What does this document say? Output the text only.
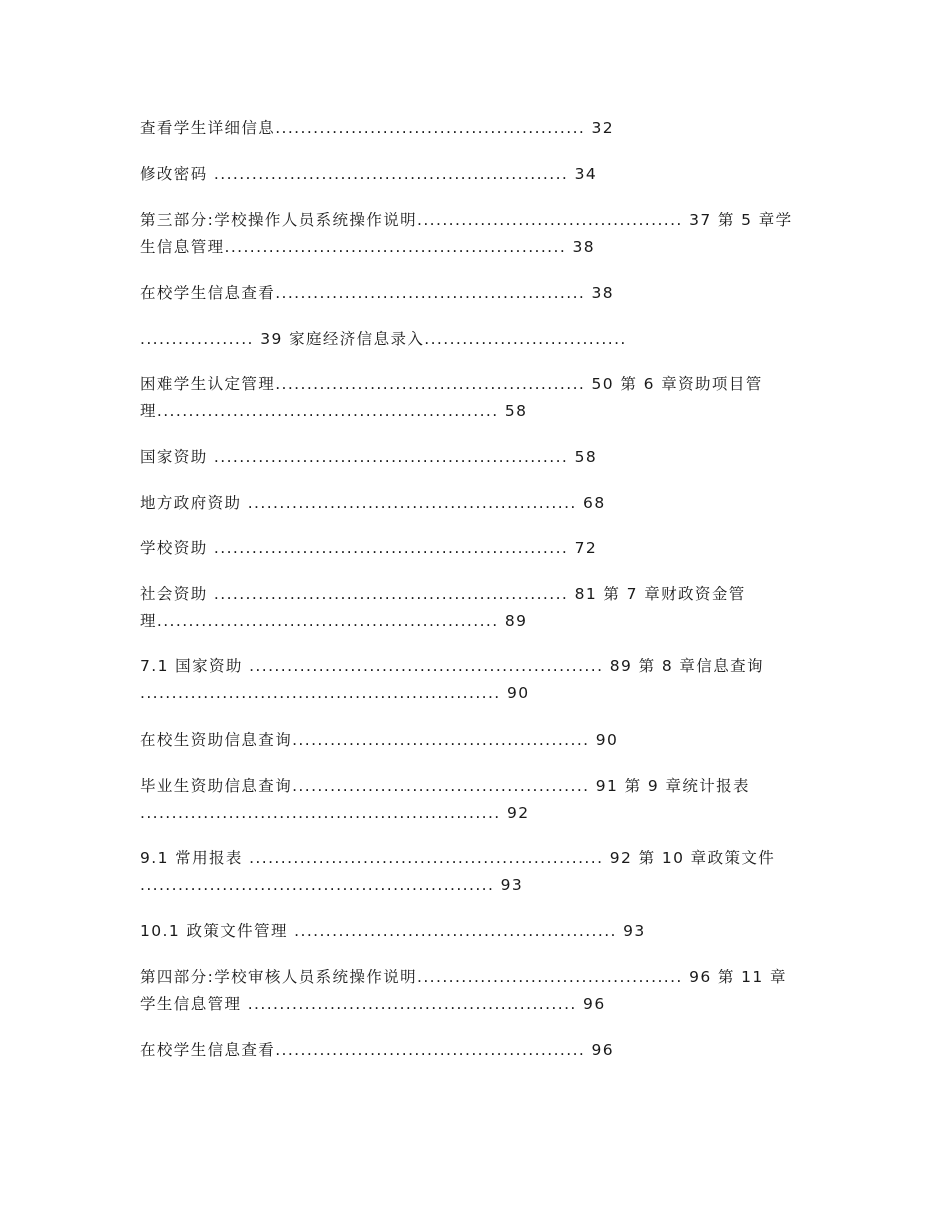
查看学生详细信息................................................. 32
修改密码 ........................................................ 34
第三部分:学校操作人员系统操作说明.......................................... 37 第 5 章学
生信息管理...................................................... 38
在校学生信息查看................................................. 38
.................. 39 家庭经济信息录入................................
困难学生认定管理................................................. 50 第 6 章资助项目管
理...................................................... 58
国家资助 ........................................................ 58
地方政府资助 .................................................... 68
学校资助 ........................................................ 72
社会资助 ........................................................ 81 第 7 章财政资金管
理...................................................... 89
7.1 国家资助 ........................................................ 89 第 8 章信息查询
......................................................... 90
在校生资助信息查询............................................... 90
毕业生资助信息查询............................................... 91 第 9 章统计报表
......................................................... 92
9.1 常用报表 ........................................................ 92 第 10 章政策文件
........................................................ 93
10.1 政策文件管理 ................................................... 93
第四部分:学校审核人员系统操作说明.......................................... 96 第 11 章
学生信息管理 .................................................... 96
在校学生信息查看................................................. 96
